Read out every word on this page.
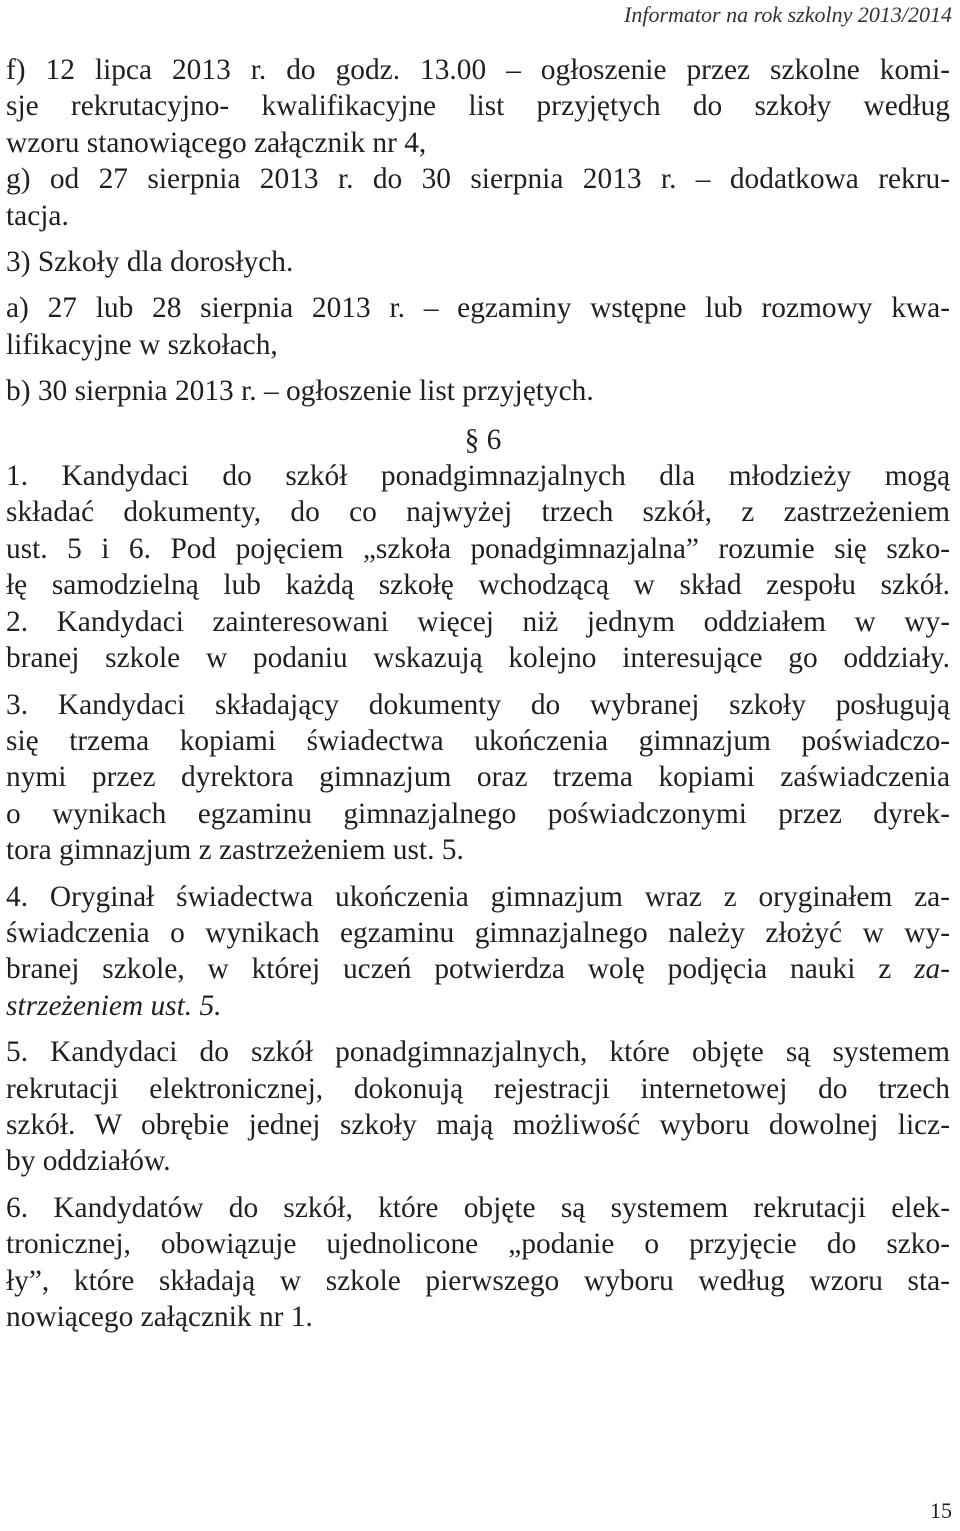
Informator na rok szkolny 2013/2014
f) 12 lipca 2013 r. do godz. 13.00 – ogłoszenie przez szkolne komi-
sje rekrutacyjno- kwalifikacyjne list przyjętych do szkoły według
wzoru stanowiącego załącznik nr 4,
g) od 27 sierpnia 2013 r. do 30 sierpnia 2013 r. – dodatkowa rekru-
tacja.
3) Szkoły dla dorosłych.
a) 27 lub 28 sierpnia 2013 r. – egzaminy wstępne lub rozmowy kwa-
lifikacyjne w szkołach,
b) 30 sierpnia 2013 r. – ogłoszenie list przyjętych.
§ 6
1. Kandydaci do szkół ponadgimnazjalnych dla młodzieży mogą
składać dokumenty, do co najwyżej trzech szkół, z zastrzeżeniem
ust. 5 i 6. Pod pojęciem „szkoła ponadgimnazjalna” rozumie się szko-
łę samodzielną lub każdą szkołę wchodzącą w skład zespołu szkół.
2. Kandydaci zainteresowani więcej niż jednym oddziałem w wy-
branej szkole w podaniu wskazują kolejno interesujące go oddziały.
3. Kandydaci składający dokumenty do wybranej szkoły posługują
się trzema kopiami świadectwa ukończenia gimnazjum poświadczo-
nymi przez dyrektora gimnazjum oraz trzema kopiami zaświadczenia
o wynikach egzaminu gimnazjalnego poświadczonymi przez dyrek-
tora gimnazjum z zastrzeżeniem ust. 5.
4. Oryginał świadectwa ukończenia gimnazjum wraz z oryginałem za-
świadczenia o wynikach egzaminu gimnazjalnego należy złożyć w wy-
branej szkole, w której uczeń potwierdza wolę podjęcia nauki z za-
strzeżeniem ust. 5.
5. Kandydaci do szkół ponadgimnazjalnych, które objęte są systemem
rekrutacji elektronicznej, dokonują rejestracji internetowej do trzech
szkół. W obrębie jednej szkoły mają możliwość wyboru dowolnej licz-
by oddziałów.
6. Kandydatów do szkół, które objęte są systemem rekrutacji elek-
tronicznej, obowiązuje ujednolicone „podanie o przyjęcie do szko-
ły”, które składają w szkole pierwszego wyboru według wzoru sta-
nowiącego załącznik nr 1.
15
